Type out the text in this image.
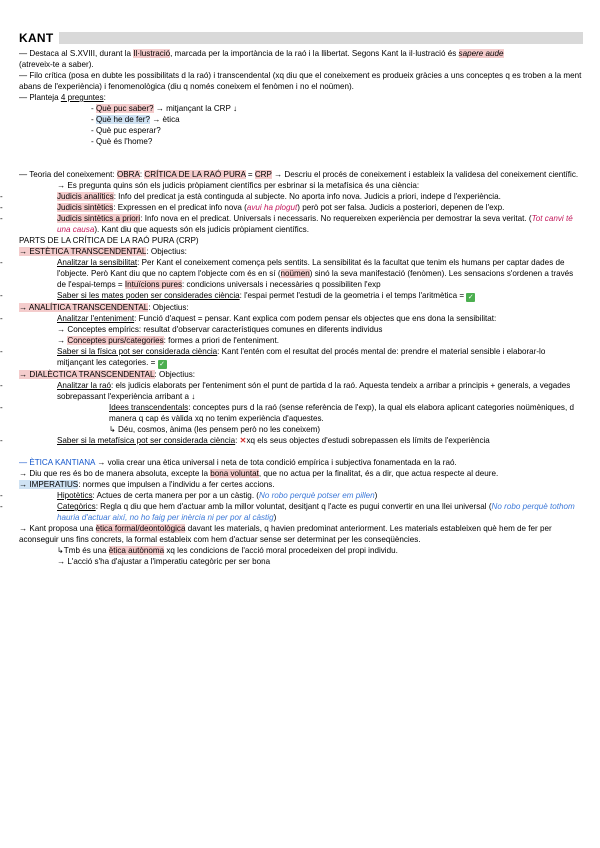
KANT

— Destaca al S.XVIII, durant la Il·lustració, marcada per la importància de la raó i la llibertat. Segons Kant la il·lustració és sapere aude
(atreveix-te a saber).

— Filo crítica (posa en dubte les possibilitats d la raó) i transcendental (xq diu que el coneixement es produeix gràcies a uns conceptes q es troben a la ment abans de l'experiència) i fenomenològica (diu q només coneixem el fenòmen i no el noümen).

— Planteja 4 preguntes:

- Què puc saber? → mitjançant la CRP ↓

- Què he de fer? → ètica

- Què puc esperar?

- Què és l'home?

— Teoria del coneixement: OBRA: CRÍTICA DE LA RAÓ PURA = CRP → Descriu el procés de coneixement i estableix la validesa del coneixement científic.

→ Es pregunta quins són els judicis pròpiament científics per esbrinar si la metafísica és una ciència:

-	Judicis analítics: Info del predicat ja està continguda al subjecte. No aporta info nova. Judicis a priori, indepe d l'experiència.

-	Judicis sintètics: Expressen en el predicat info nova (avui ha plogut) però pot ser falsa. Judicis a posteriori, depenen de l'exp.

-	Judicis sintètics a priori: Info nova en el predicat. Universals i necessaris. No requereixen experiència per demostrar la seva veritat. (Tot canvi té una causa). Kant diu que aquests són els judicis pròpiament científics.

PARTS DE LA CRÍTICA DE LA RAÓ PURA (CRP)

→ ESTÈTICA TRANSCENDENTAL: Objectius:

-	Analitzar la sensibilitat: Per Kant el coneixement comença pels sentits. La sensibilitat és la facultat que tenim els humans per captar dades de l'objecte. Però Kant diu que no captem l'objecte com és en sí (noümen) sinó la seva manifestació (fenòmen). Les sensacions s'ordenen a través de l'espai-temps = Intuïcions pures: condicions universals i necessàries q possibiliten l'exp

-	Saber si les mates poden ser considerades ciència: l'espai permet l'estudi de la geometria i el temps l'aritmètica = ✓

→ ANALÍTICA TRANSCENDENTAL: Objectius:

-	Analitzar l'enteniment: Funció d'aquest = pensar. Kant explica com podem pensar els objectes que ens dona la sensibilitat:

→ Conceptes empírics: resultat d'observar característiques comunes en diferents individus

→ Conceptes purs/categories: formes a priori de l'enteniment.

-	Saber si la física pot ser considerada ciència: Kant l'entén com el resultat del procés mental de: prendre el material sensible i elaborar-lo mitjançant les categories. = ✓

→ DIALÈCTICA TRANSCENDENTAL: Objectius:

-	Analitzar la raó: els judicis elaborats per l'enteniment són el punt de partida d la raó. Aquesta tendeix a arribar a principis + generals, a vegades sobrepassant l'experiència arribant a ↓

-	Idees transcendentals: conceptes purs d la raó (sense referència de l'exp), la qual els elabora aplicant categories noümèniques, d manera q cap és vàlida xq no tenim experiència d'aquestes.

↳ Déu, cosmos, ànima (les pensem però no les coneixem)

-	Saber si la metafísica pot ser considerada ciència: ✕xq els seus objectes d'estudi sobrepassen els límits de l'experiència

— ÈTICA KANTIANA → volia crear una ètica universal i neta de tota condició empírica i subjectiva fonamentada en la raó.

→ Diu que res és bo de manera absoluta, excepte la bona voluntat, que no actua per la finalitat, és a dir, que actua respecte al deure.

→ IMPERATIUS: normes que impulsen a l'individu a fer certes accions.

-	Hipotètics: Actues de certa manera per por a un càstig. (No robo perquè potser em pillen)

-	Categòrics: Regla q diu que hem d'actuar amb la millor voluntat, desitjant q l'acte es pugui convertir en una llei universal (No robo perquè tothom hauria d'actuar així, no ho faig per inèrcia ni per por al càstig)

→ Kant proposa una ètica formal/deontològica davant les materials, q havien predominat anteriorment. Les materials estableixen què hem de fer per aconseguir uns fins concrets, la formal estableix com hem d'actuar sense ser determinat per les conseqüències.

↳Tmb és una ètica autònoma xq les condicions de l'acció moral procedeixen del propi individu.

→ L'acció s'ha d'ajustar a l'imperatiu categòric per ser bona
